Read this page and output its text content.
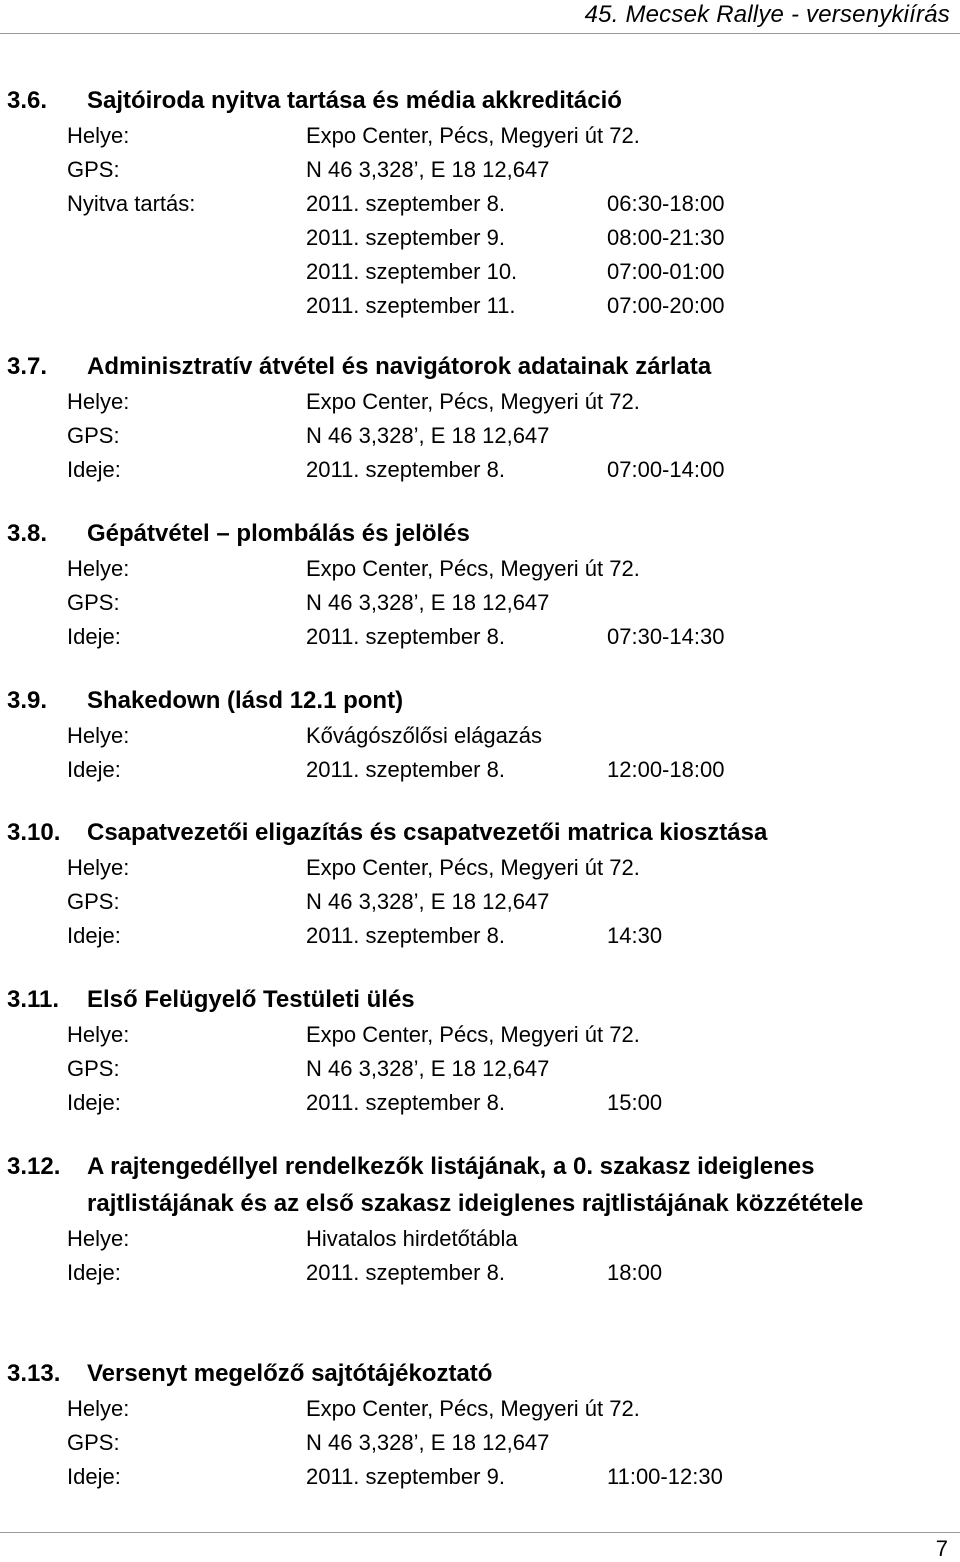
45. Mecsek Rallye - versenykiírás
3.6. Sajtóiroda nyitva tartása és média akkreditáció
Helye:	Expo Center, Pécs, Megyeri út 72.
GPS:	N 46 3,328’, E 18 12,647
Nyitva tartás:	2011. szeptember 8.	06:30-18:00
2011. szeptember 9.	08:00-21:30
2011. szeptember 10.	07:00-01:00
2011. szeptember 11.	07:00-20:00
3.7. Adminisztratív átvétel és navigátorok adatainak zárlata
Helye:	Expo Center, Pécs, Megyeri út 72.
GPS:	N 46 3,328’, E 18 12,647
Ideje:	2011. szeptember 8.	07:00-14:00
3.8. Gépátvétel – plombálás és jelölés
Helye:	Expo Center, Pécs, Megyeri út 72.
GPS:	N 46 3,328’, E 18 12,647
Ideje:	2011. szeptember 8.	07:30-14:30
3.9. Shakedown (lásd 12.1 pont)
Helye:	Kővágószőlősi elágazás
Ideje:	2011. szeptember 8.	12:00-18:00
3.10. Csapatvezetői eligazítás és csapatvezetői matrica kiosztása
Helye:	Expo Center, Pécs, Megyeri út 72.
GPS:	N 46 3,328’, E 18 12,647
Ideje:	2011. szeptember 8.	14:30
3.11. Első Felügyelő Testületi ülés
Helye:	Expo Center, Pécs, Megyeri út 72.
GPS:	N 46 3,328’, E 18 12,647
Ideje:	2011. szeptember 8.	15:00
3.12. A rajtengedéllyel rendelkezők listájának, a 0. szakasz ideiglenes rajtlistájának és az első szakasz ideiglenes rajtlistájának közzététele
Helye:	Hivatalos hirdetőtábla
Ideje:	2011. szeptember 8.	18:00
3.13. Versenyt megelőző sajtótájékoztató
Helye:	Expo Center, Pécs, Megyeri út 72.
GPS:	N 46 3,328’, E 18 12,647
Ideje:	2011. szeptember 9.	11:00-12:30
7
